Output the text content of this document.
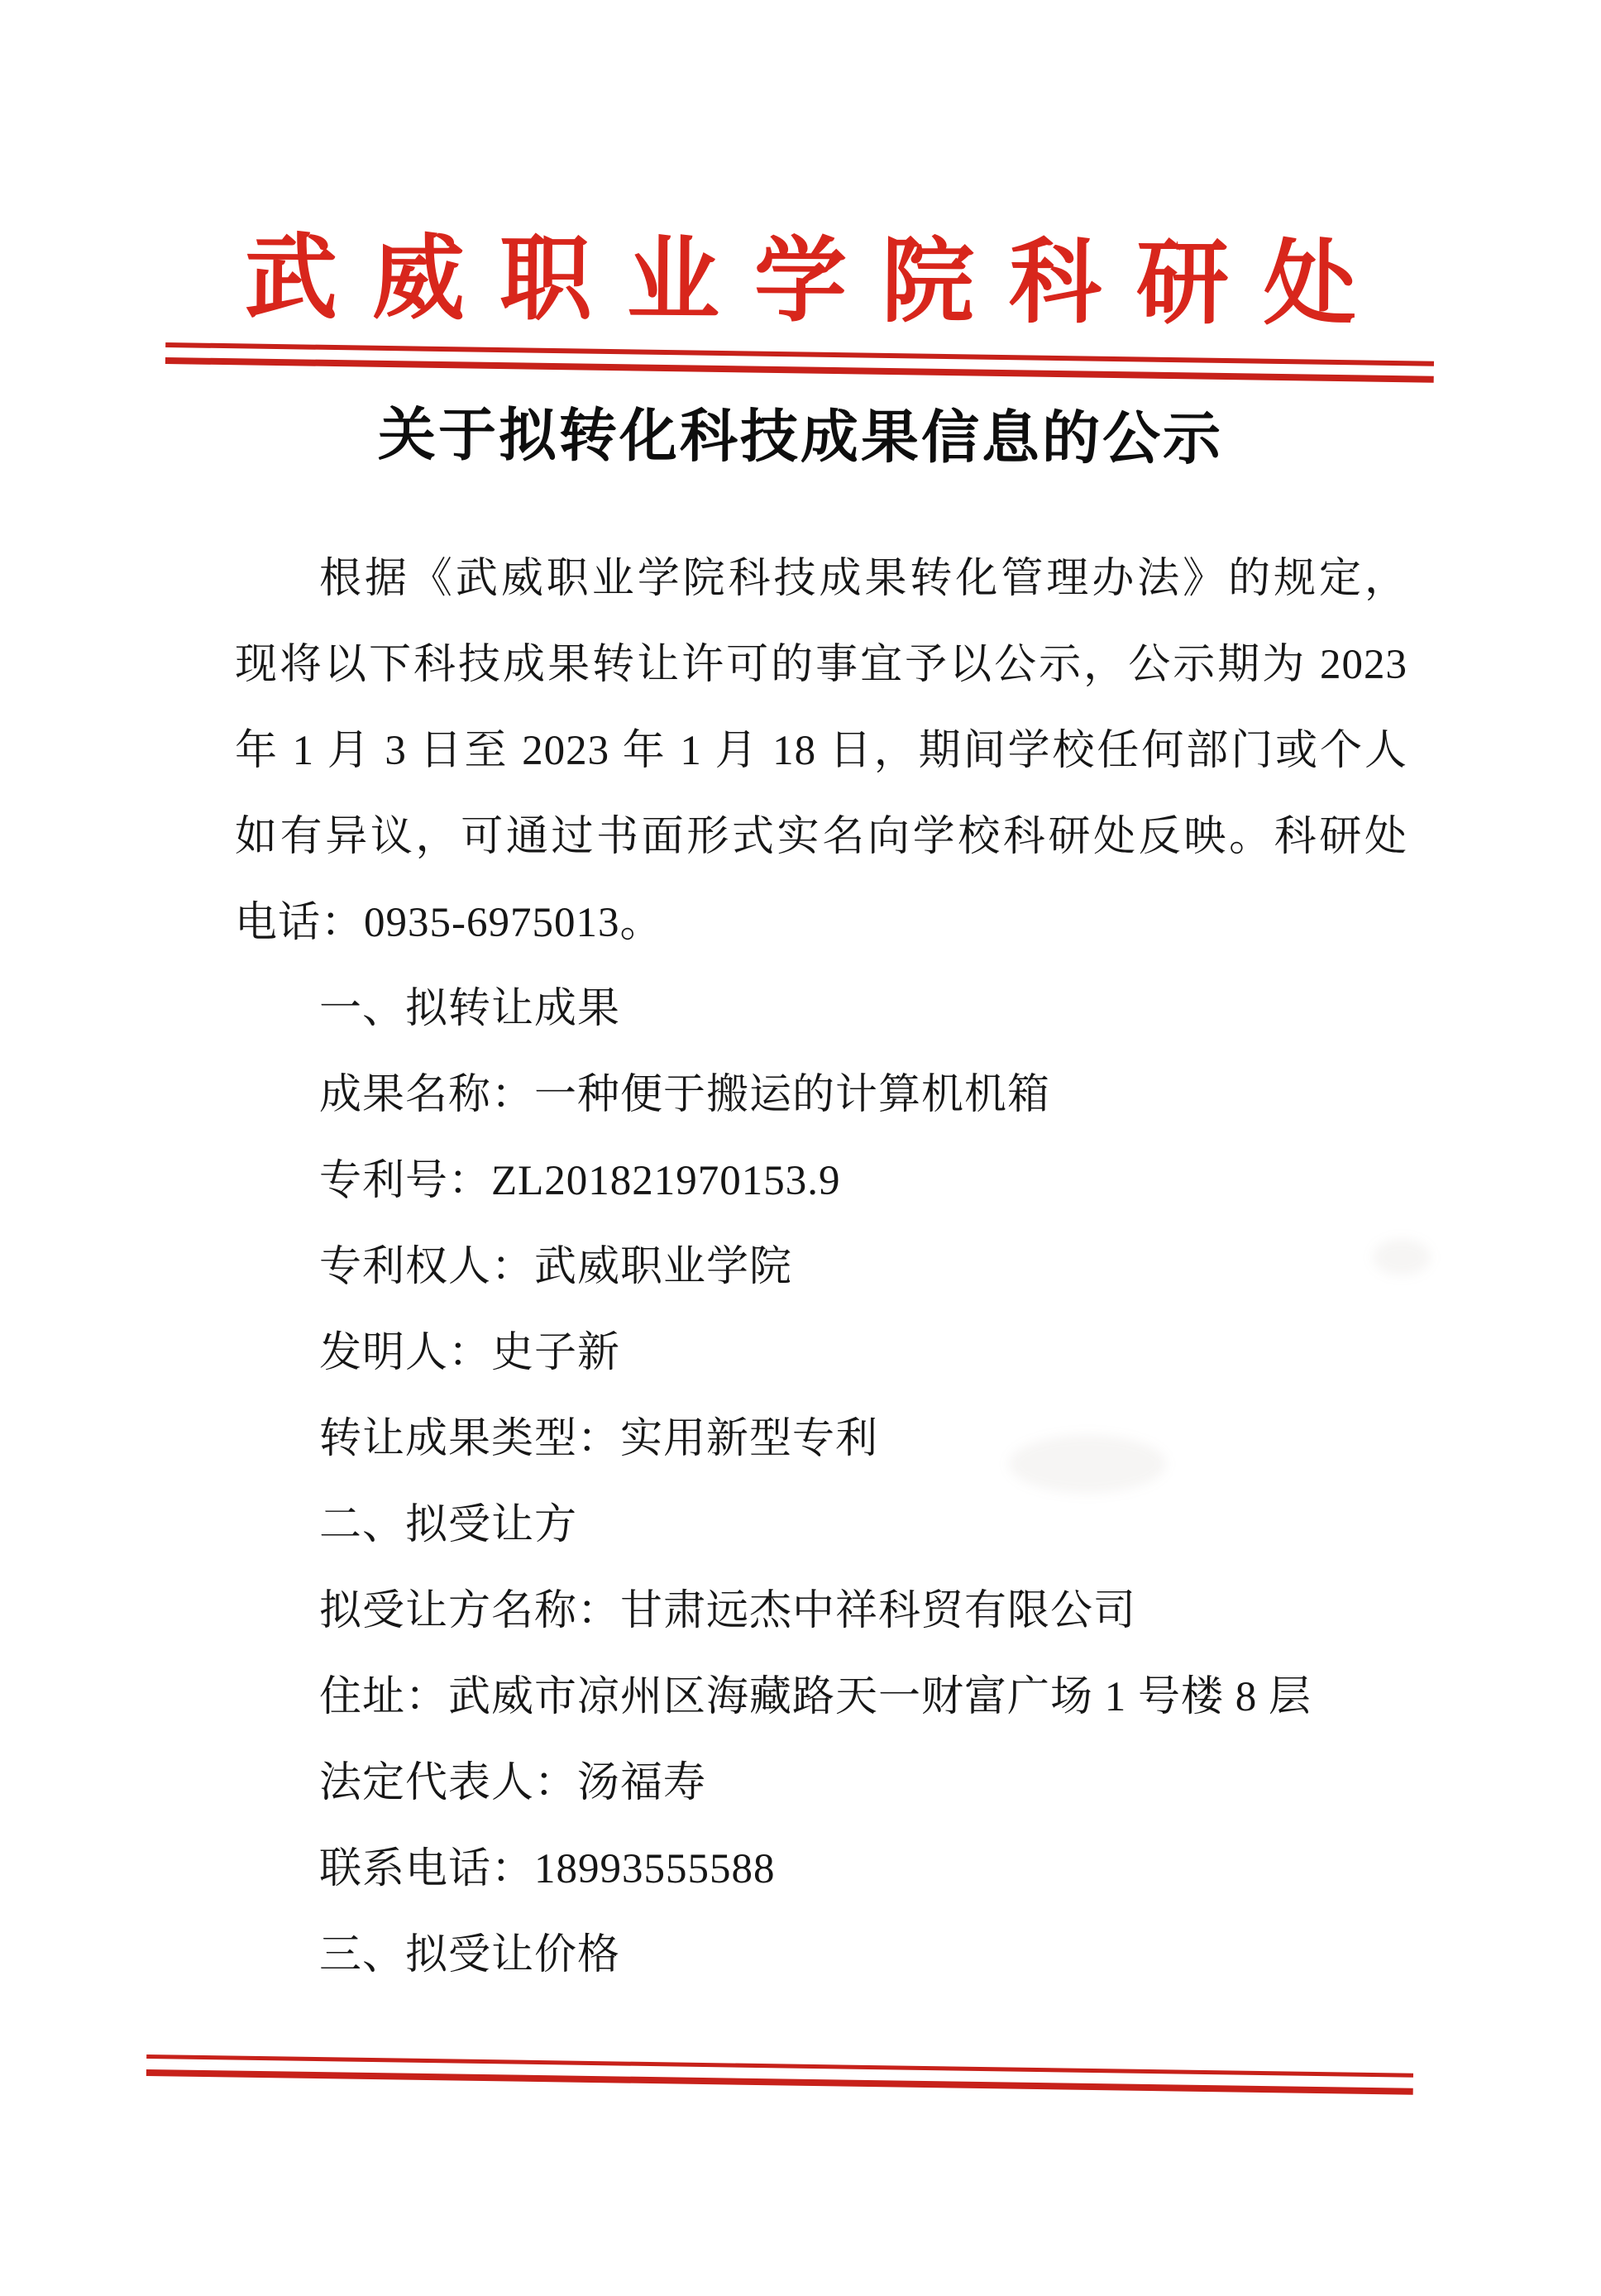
武威职业学院科研处
关于拟转化科技成果信息的公示
根据《武威职业学院科技成果转化管理办法》的规定，
现将以下科技成果转让许可的事宜予以公示，公示期为 2023
年 1 月 3 日至 2023 年 1 月 18 日，期间学校任何部门或个人
如有异议，可通过书面形式实名向学校科研处反映。科研处
电话：0935-6975013。
一、拟转让成果
成果名称：一种便于搬运的计算机机箱
专利号：ZL201821970153.9
专利权人：武威职业学院
发明人：史子新
转让成果类型：实用新型专利
二、拟受让方
拟受让方名称：甘肃远杰中祥科贸有限公司
住址：武威市凉州区海藏路天一财富广场 1 号楼 8 层
法定代表人：汤福寿
联系电话：18993555588
三、拟受让价格
